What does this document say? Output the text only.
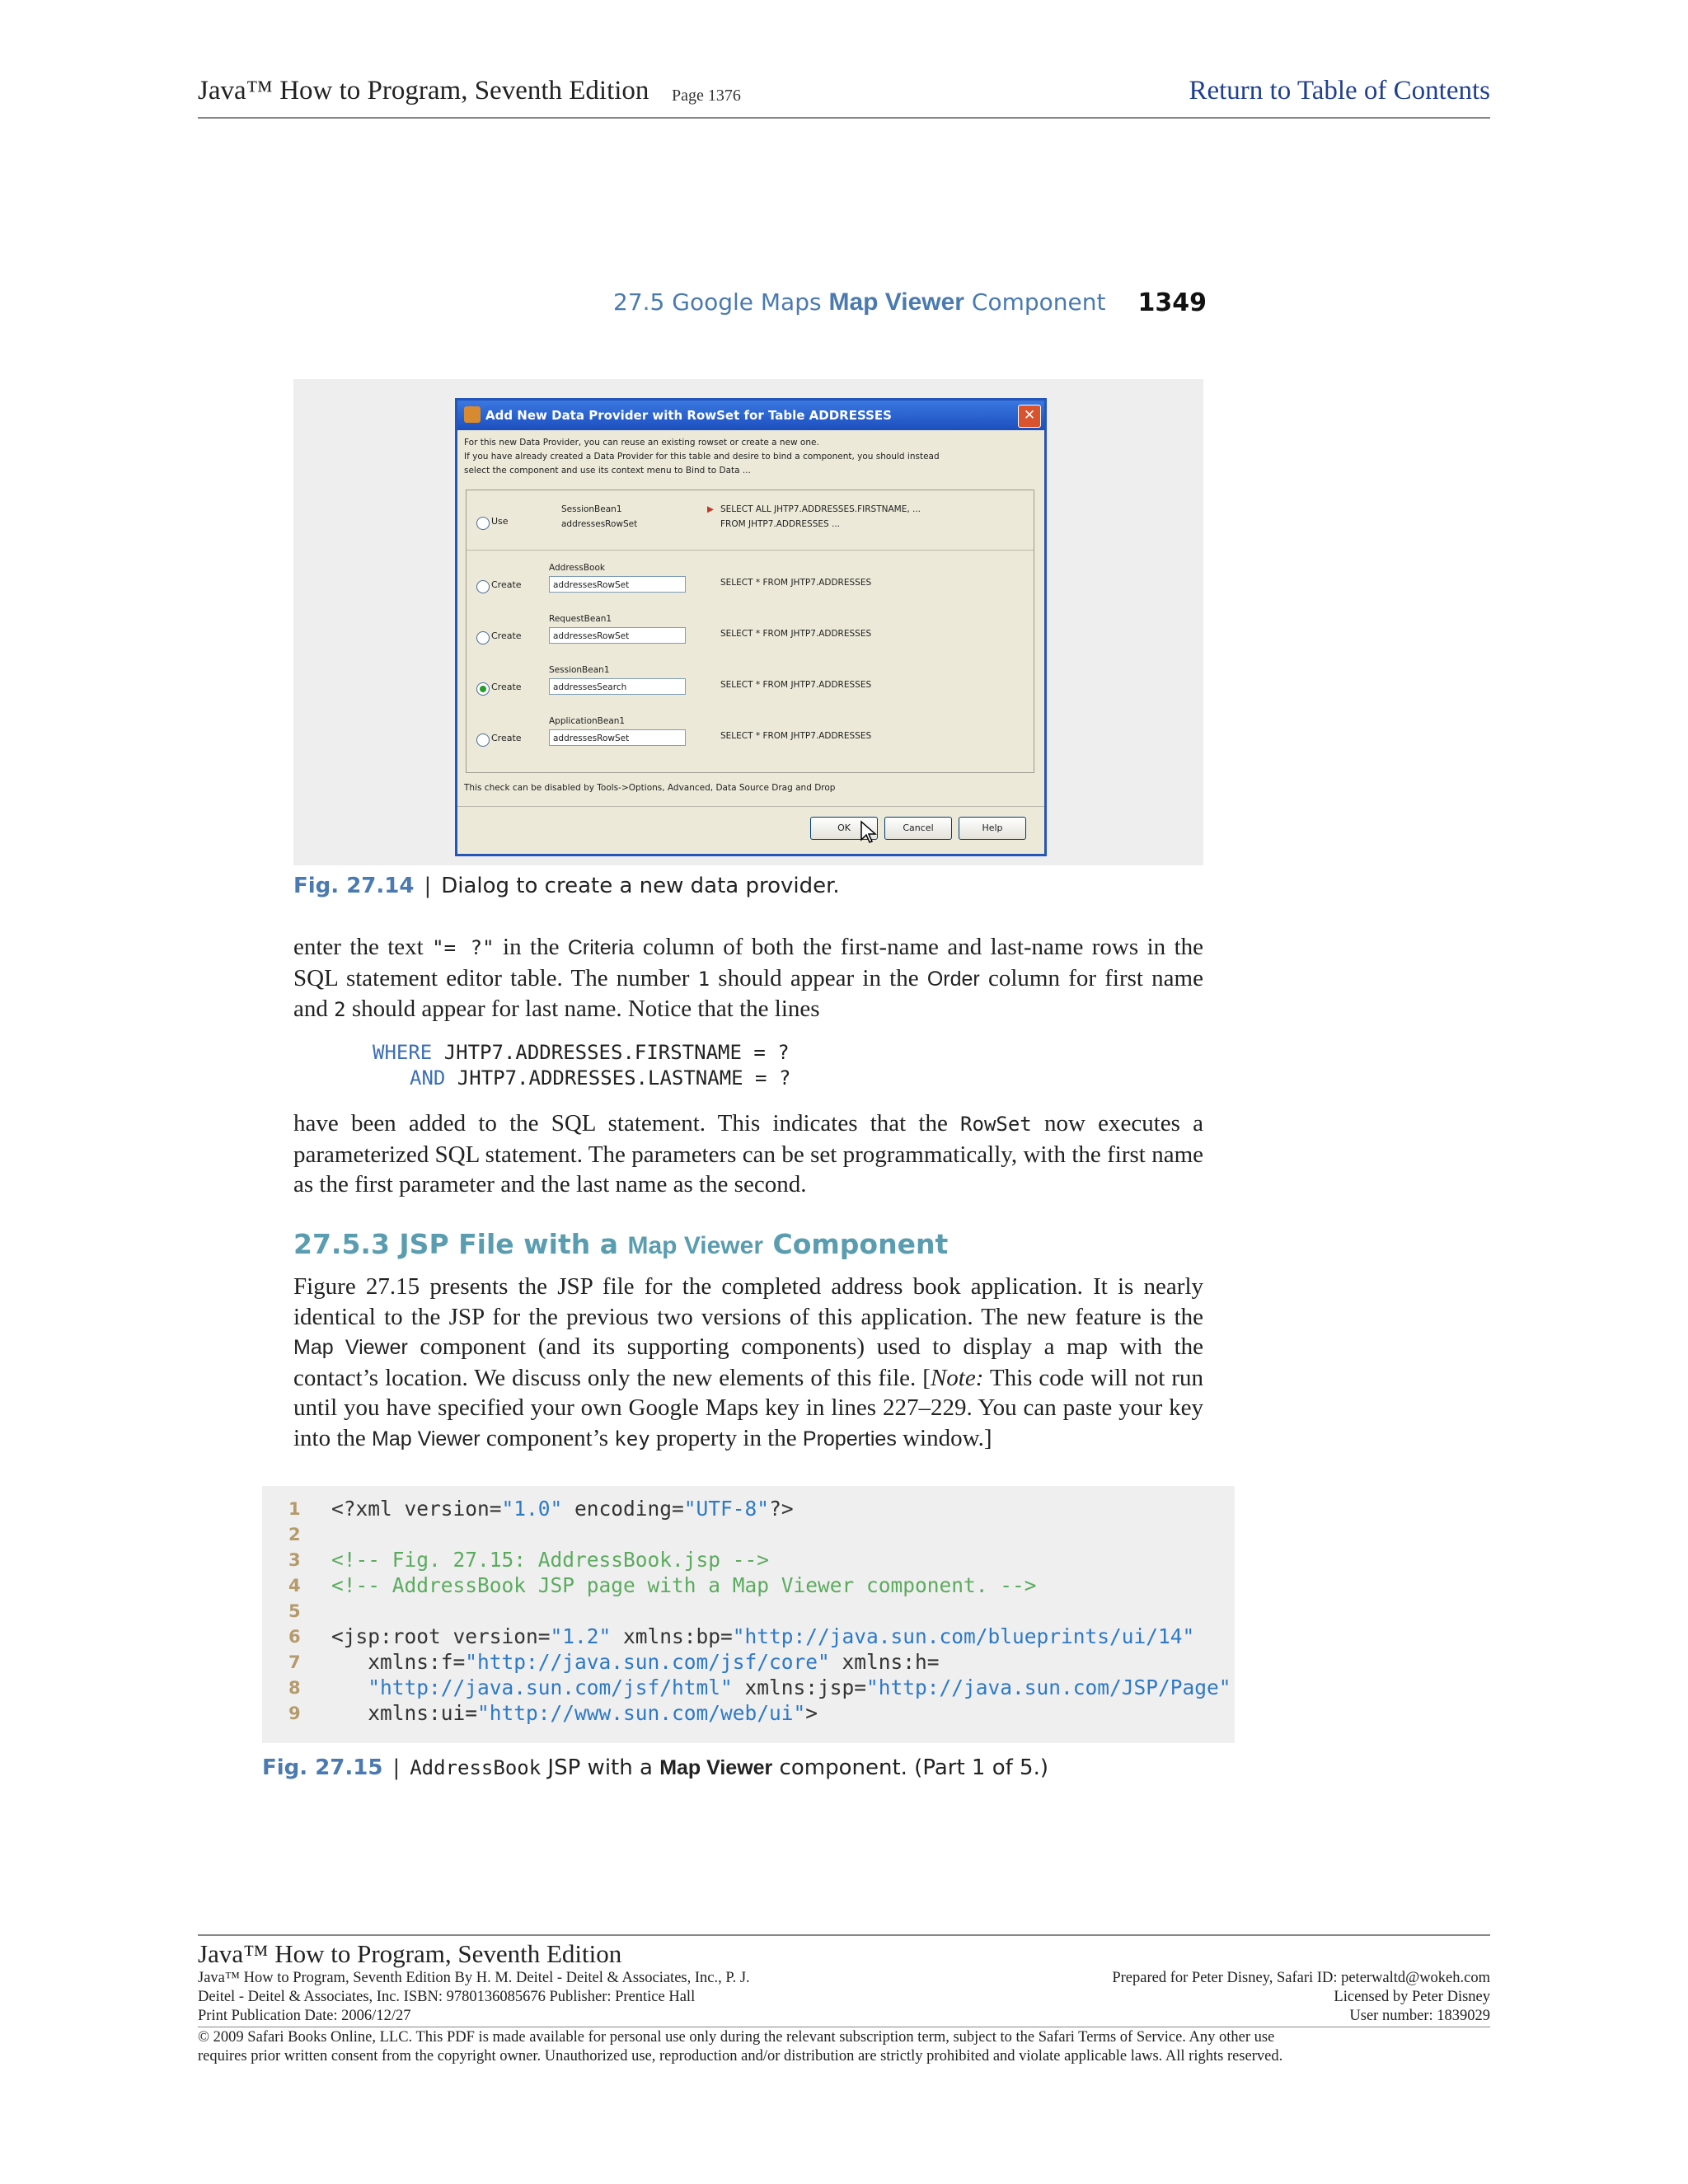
Java™ How to Program, Seventh Edition Page 1376	Return to Table of Contents
27.5 Google Maps Map Viewer Component 1349
Add New Data Provider with RowSet for Table ADDRESSES	✕
For this new Data Provider, you can reuse an existing rowset or create a new one.
If you have already created a Data Provider for this table and desire to bind a component, you should instead
select the component and use its context menu to Bind to Data ...
Use
SessionBean1
addressesRowSet
▶ SELECT ALL JHTP7.ADDRESSES.FIRSTNAME, ...
FROM JHTP7.ADDRESSES ...
Create
AddressBook
addressesRowSet	SELECT * FROM JHTP7.ADDRESSES
Create
RequestBean1
addressesRowSet	SELECT * FROM JHTP7.ADDRESSES
Create
SessionBean1
addressesSearch	SELECT * FROM JHTP7.ADDRESSES
Create
ApplicationBean1
addressesRowSet	SELECT * FROM JHTP7.ADDRESSES
This check can be disabled by Tools->Options, Advanced, Data Source Drag and Drop
OK	Cancel	Help
Fig. 27.14 | Dialog to create a new data provider.
enter the text "= ?" in the Criteria column of both the first-name and last-name rows in the SQL statement editor table. The number 1 should appear in the Order column for first name and 2 should appear for last name. Notice that the lines
WHERE JHTP7.ADDRESSES.FIRSTNAME = ?
AND JHTP7.ADDRESSES.LASTNAME = ?
have been added to the SQL statement. This indicates that the RowSet now executes a parameterized SQL statement. The parameters can be set programmatically, with the first name as the first parameter and the last name as the second.
27.5.3 JSP File with a Map Viewer Component
Figure 27.15 presents the JSP file for the completed address book application. It is nearly identical to the JSP for the previous two versions of this application. The new feature is the Map Viewer component (and its supporting components) used to display a map with the contact’s location. We discuss only the new elements of this file. [Note: This code will not run until you have specified your own Google Maps key in lines 227–229. You can paste your key into the Map Viewer component’s key property in the Properties window.]
1
2
3
4
5
6
7
8
9
<?xml version="1.0" encoding="UTF-8"?>
<!-- Fig. 27.15: AddressBook.jsp -->
<!-- AddressBook JSP page with a Map Viewer component. -->
<jsp:root version="1.2" xmlns:bp="http://java.sun.com/blueprints/ui/14"
xmlns:f="http://java.sun.com/jsf/core" xmlns:h=
"http://java.sun.com/jsf/html" xmlns:jsp="http://java.sun.com/JSP/Page"
xmlns:ui="http://www.sun.com/web/ui">
Fig. 27.15 | AddressBook JSP with a Map Viewer component. (Part 1 of 5.)
Java™ How to Program, Seventh Edition
Java™ How to Program, Seventh Edition By H. M. Deitel - Deitel & Associates, Inc., P. J.
Deitel - Deitel & Associates, Inc. ISBN: 9780136085676 Publisher: Prentice Hall
Print Publication Date: 2006/12/27
Prepared for Peter Disney, Safari ID: peterwaltd@wokeh.com
Licensed by Peter Disney
User number: 1839029
© 2009 Safari Books Online, LLC. This PDF is made available for personal use only during the relevant subscription term, subject to the Safari Terms of Service. Any other use
requires prior written consent from the copyright owner. Unauthorized use, reproduction and/or distribution are strictly prohibited and violate applicable laws. All rights reserved.
